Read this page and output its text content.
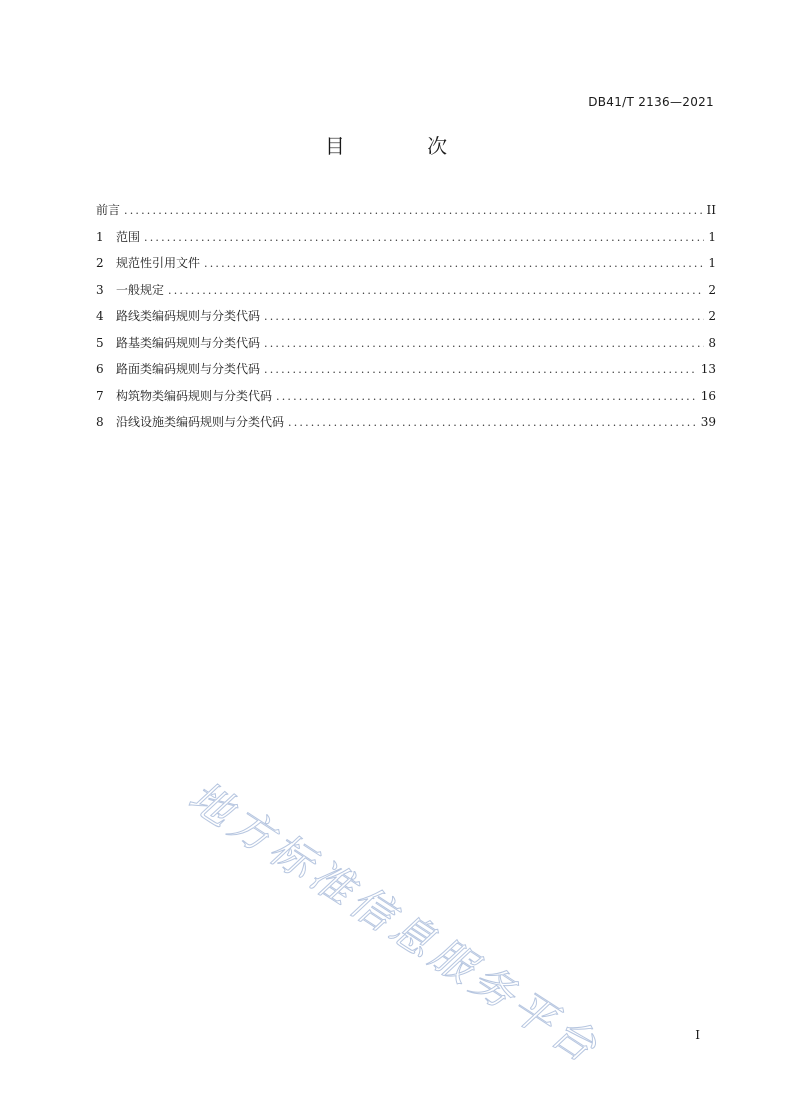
DB41/T 2136—2021
目 次
前言 .....	II
1	范围 .....	1
2	规范性引用文件 .....	1
3	一般规定 .....	2
4	路线类编码规则与分类代码 .....	2
5	路基类编码规则与分类代码 .....	8
6	路面类编码规则与分类代码 .....	13
7	构筑物类编码规则与分类代码 .....	16
8	沿线设施类编码规则与分类代码 .....	39
地方标准信息服务平台	I
